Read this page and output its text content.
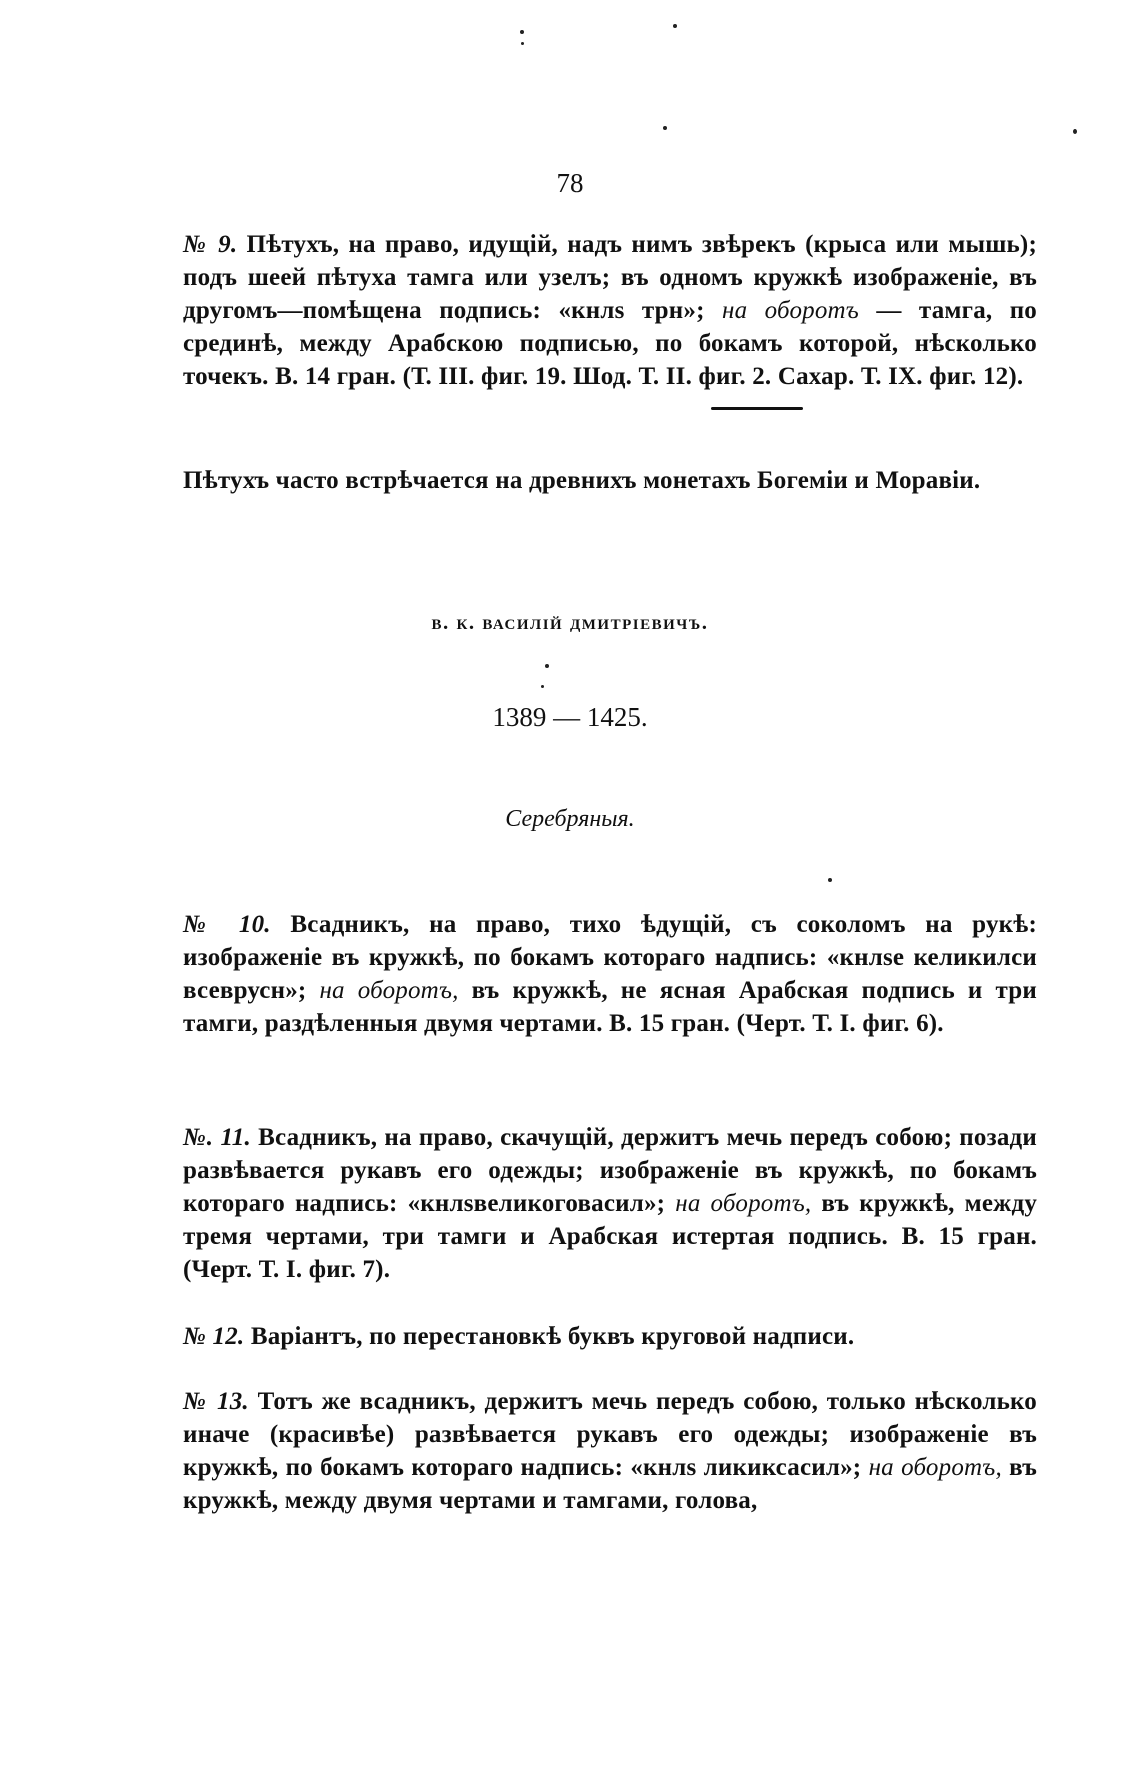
78
№ 9. Пѣтухъ, на право, идущій, надъ нимъ звѣрекъ (крыса или мышь); подъ шеей пѣтуха тамга или узелъ; въ одномъ кружкѣ изображеніе, въ другомъ—помѣщена подпись: «кнлѕ трн»; на оборотъ — тамга, по срединѣ, между Арабскою подписью, по бокамъ которой, нѣсколько точекъ. В. 14 гран. (Т. III. фиг. 19. Шод. Т. II. фиг. 2. Сахар. Т. IX. фиг. 12).
Пѣтухъ часто встрѣчается на древнихъ монетахъ Богеміи и Моравіи.
в. к. василій дмитріевичъ.
1389 — 1425.
Серебряныя.
№ 10. Всадникъ, на право, тихо ѣдущій, съ соколомъ на рукѣ: изображеніе въ кружкѣ, по бокамъ котораго надпись: «кнлѕе келикилси всеврусн»; на оборотъ, въ кружкѣ, не ясная Арабская подпись и три тамги, раздѣленныя двумя чертами. В. 15 гран. (Черт. Т. I. фиг. 6).
№. 11. Всадникъ, на право, скачущій, держитъ мечь передъ собою; позади развѣвается рукавъ его одежды; изображеніе въ кружкѣ, по бокамъ котораго надпись: «кнлѕвеликоговасил»; на оборотъ, въ кружкѣ, между тремя чертами, три тамги и Арабская истертая подпись. В. 15 гран. (Черт. Т. I. фиг. 7).
№ 12. Варіантъ, по перестановкѣ буквъ круговой надписи.
№ 13. Тотъ же всадникъ, держитъ мечь передъ собою, только нѣсколько иначе (красивѣе) развѣвается рукавъ его одежды; изображеніе въ кружкѣ, по бокамъ котораго надпись: «кнлѕ ликиксасил»; на оборотъ, въ кружкѣ, между двумя чертами и тамгами, голова,
